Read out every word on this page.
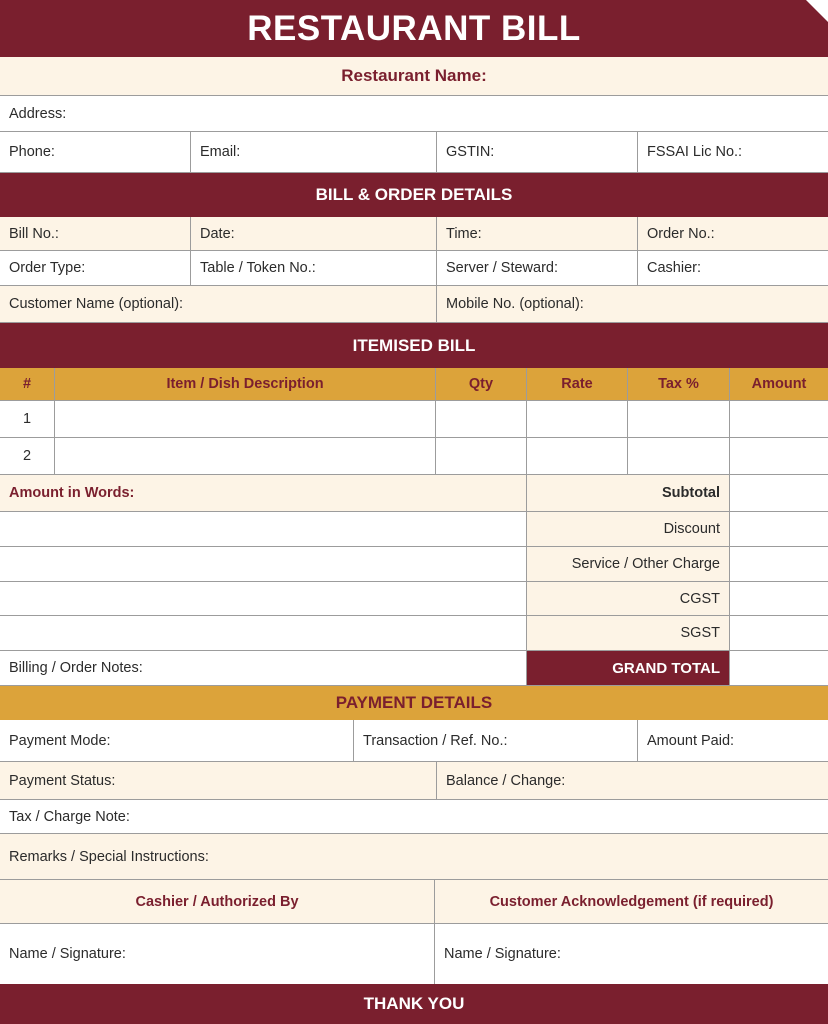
RESTAURANT BILL
Restaurant Name:
Address:
Phone:	Email:	GSTIN:	FSSAI Lic No.:
BILL & ORDER DETAILS
Bill No.:	Date:	Time:	Order No.:
Order Type:	Table / Token No.:	Server / Steward:	Cashier:
Customer Name (optional):	Mobile No. (optional):
ITEMISED BILL
#	Item / Dish Description	Qty	Rate	Tax %	Amount
1
2
Amount in Words:	Subtotal
Discount
Service / Other Charge
CGST
SGST
Billing / Order Notes:	GRAND TOTAL
PAYMENT DETAILS
Payment Mode:	Transaction / Ref. No.:	Amount Paid:
Payment Status:	Balance / Change:
Tax / Charge Note:
Remarks / Special Instructions:
Cashier / Authorized By	Customer Acknowledgement (if required)
Name / Signature:	Name / Signature:
THANK YOU
